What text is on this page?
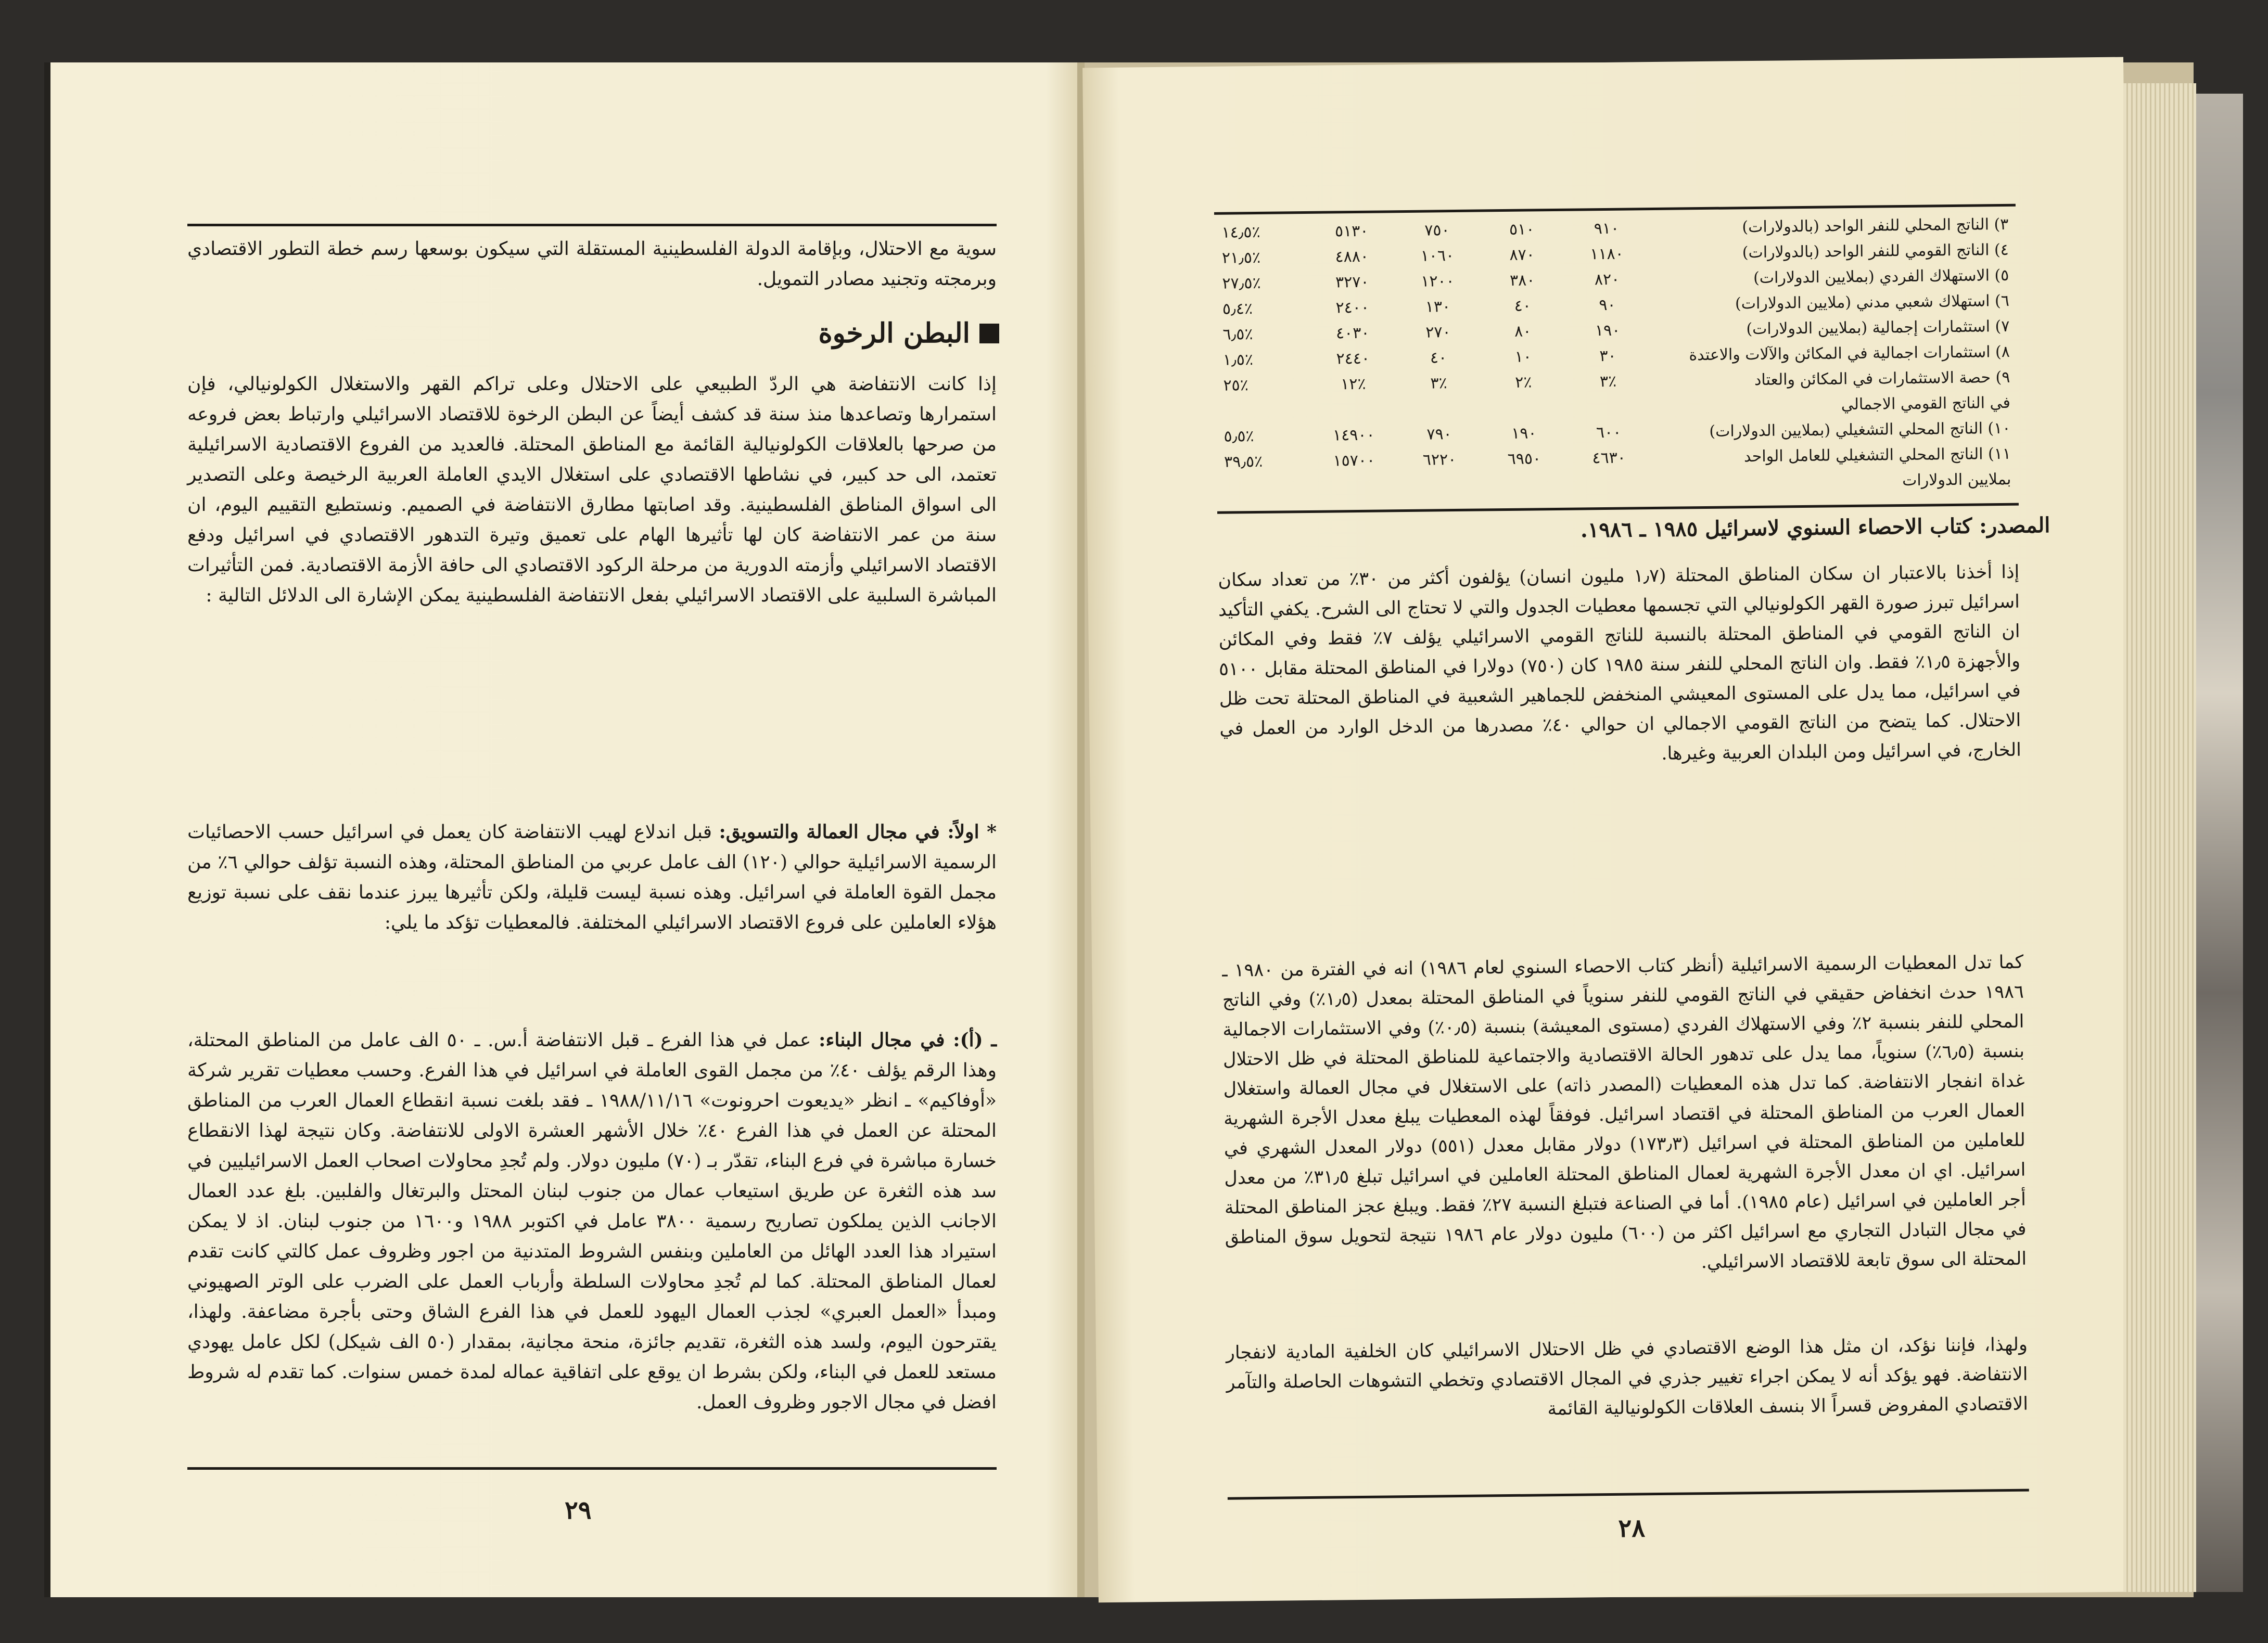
سوية مع الاحتلال، وبإقامة الدولة الفلسطينية المستقلة التي سيكون بوسعها رسم خطة التطور الاقتصادي وبرمجته وتجنيد مصادر التمويل.

البطن الرخوة

إذا كانت الانتفاضة هي الردّ الطبيعي على الاحتلال وعلى تراكم القهر والاستغلال الكولونيالي، فإن استمرارها وتصاعدها منذ سنة قد كشف أيضاً عن البطن الرخوة للاقتصاد الاسرائيلي وارتباط بعض فروعه من صرحها بالعلاقات الكولونيالية القائمة مع المناطق المحتلة. فالعديد من الفروع الاقتصادية الاسرائيلية تعتمد، الى حد كبير، في نشاطها الاقتصادي على استغلال الايدي العاملة العربية الرخيصة وعلى التصدير الى اسواق المناطق الفلسطينية. وقد اصابتها مطارق الانتفاضة في الصميم. ونستطيع التقييم اليوم، ان سنة من عمر الانتفاضة كان لها تأثيرها الهام على تعميق وتيرة التدهور الاقتصادي في اسرائيل ودفع الاقتصاد الاسرائيلي وأزمته الدورية من مرحلة الركود الاقتصادي الى حافة الأزمة الاقتصادية. فمن التأثيرات المباشرة السلبية على الاقتصاد الاسرائيلي بفعل الانتفاضة الفلسطينية يمكن الإشارة الى الدلائل التالية :

* اولاً: في مجال العمالة والتسويق: قبل اندلاع لهيب الانتفاضة كان يعمل في اسرائيل حسب الاحصائيات الرسمية الاسرائيلية حوالي (١٢٠) الف عامل عربي من المناطق المحتلة، وهذه النسبة تؤلف حوالي ٦٪ من مجمل القوة العاملة في اسرائيل. وهذه نسبة ليست قليلة، ولكن تأثيرها يبرز عندما نقف على نسبة توزيع هؤلاء العاملين على فروع الاقتصاد الاسرائيلي المختلفة. فالمعطيات تؤكد ما يلي:

ـ (أ): في مجال البناء: عمل في هذا الفرع ـ قبل الانتفاضة أ.س. ـ ٥٠ الف عامل من المناطق المحتلة، وهذا الرقم يؤلف ٤٠٪ من مجمل القوى العاملة في اسرائيل في هذا الفرع. وحسب معطيات تقرير شركة «أوفاكيم» ـ انظر «يديعوت احرونوت» ١٩٨٨/١١/١٦ ـ فقد بلغت نسبة انقطاع العمال العرب من المناطق المحتلة عن العمل في هذا الفرع ٤٠٪ خلال الأشهر العشرة الاولى للانتفاضة. وكان نتيجة لهذا الانقطاع خسارة مباشرة في فرع البناء، تقدّر بـ (٧٠) مليون دولار. ولم تُجدِ محاولات اصحاب العمل الاسرائيليين في سد هذه الثغرة عن طريق استيعاب عمال من جنوب لبنان المحتل والبرتغال والفلبين. بلغ عدد العمال الاجانب الذين يملكون تصاريح رسمية ٣٨٠٠ عامل في اكتوبر ١٩٨٨ و١٦٠٠ من جنوب لبنان. اذ لا يمكن استيراد هذا العدد الهائل من العاملين وبنفس الشروط المتدنية من اجور وظروف عمل كالتي كانت تقدم لعمال المناطق المحتلة. كما لم تُجدِ محاولات السلطة وأرباب العمل على الضرب على الوتر الصهيوني ومبدأ «العمل العبري» لجذب العمال اليهود للعمل في هذا الفرع الشاق وحتى بأجرة مضاعفة. ولهذا، يقترحون اليوم، ولسد هذه الثغرة، تقديم جائزة، منحة مجانية، بمقدار (٥٠ الف شيكل) لكل عامل يهودي مستعد للعمل في البناء، ولكن بشرط ان يوقع على اتفاقية عماله لمدة خمس سنوات. كما تقدم له شروط افضل في مجال الاجور وظروف العمل.

٢٩
٣) الناتج المحلي للنفر الواحد (بالدولارات)	٩١٠	٥١٠	٧٥٠	٥١٣٠	٪١٤٫٥
٤) الناتج القومي للنفر الواحد (بالدولارات)	١١٨٠	٨٧٠	١٠٦٠	٤٨٨٠	٪٢١٫٥
٥) الاستهلاك الفردي (بملايين الدولارات)	٨٢٠	٣٨٠	١٢٠٠	٣٢٧٠	٪٢٧٫٥
٦) استهلاك شعبي مدني (ملايين الدولارات)	٩٠	٤٠	١٣٠	٢٤٠٠	٪٥٫٤
٧) استثمارات إجمالية (بملايين الدولارات)	١٩٠	٨٠	٢٧٠	٤٠٣٠	٪٦٫٥
٨) استثمارات اجمالية في المكائن والآلات والاعتدة	٣٠	١٠	٤٠	٢٤٤٠	٪١٫٥
٩) حصة الاستثمارات في المكائن والعتاد	٪٣	٪٢	٪٣	٪١٢	٪٢٥
في الناتج القومي الاجمالي					
١٠) الناتج المحلي التشغيلي (بملايين الدولارات)	٦٠٠	١٩٠	٧٩٠	١٤٩٠٠	٪٥٫٥
١١) الناتج المحلي التشغيلي للعامل الواحد	٤٦٣٠	٦٩٥٠	٦٢٢٠	١٥٧٠٠	٪٣٩٫٥
بملايين الدولارات					
المصدر: كتاب الاحصاء السنوي لاسرائيل ١٩٨٥ ـ ١٩٨٦.

إذا أخذنا بالاعتبار ان سكان المناطق المحتلة (١٫٧ مليون انسان) يؤلفون أكثر من ٣٠٪ من تعداد سكان اسرائيل تبرز صورة القهر الكولونيالي التي تجسمها معطيات الجدول والتي لا تحتاج الى الشرح. يكفي التأكيد ان الناتج القومي في المناطق المحتلة بالنسبة للناتج القومي الاسرائيلي يؤلف ٧٪ فقط وفي المكائن والأجهزة ١٫٥٪ فقط. وان الناتج المحلي للنفر سنة ١٩٨٥ كان (٧٥٠) دولارا في المناطق المحتلة مقابل ٥١٠٠ في اسرائيل، مما يدل على المستوى المعيشي المنخفض للجماهير الشعبية في المناطق المحتلة تحت ظل الاحتلال. كما يتضح من الناتج القومي الاجمالي ان حوالي ٤٠٪ مصدرها من الدخل الوارد من العمل في الخارج، في اسرائيل ومن البلدان العربية وغيرها.

كما تدل المعطيات الرسمية الاسرائيلية (أنظر كتاب الاحصاء السنوي لعام ١٩٨٦) انه في الفترة من ١٩٨٠ ـ ١٩٨٦ حدث انخفاض حقيقي في الناتج القومي للنفر سنوياً في المناطق المحتلة بمعدل (١٫٥٪) وفي الناتج المحلي للنفر بنسبة ٢٪ وفي الاستهلاك الفردي (مستوى المعيشة) بنسبة (٠٫٥٪) وفي الاستثمارات الاجمالية بنسبة (٦٫٥٪) سنوياً، مما يدل على تدهور الحالة الاقتصادية والاجتماعية للمناطق المحتلة في ظل الاحتلال غداة انفجار الانتفاضة. كما تدل هذه المعطيات (المصدر ذاته) على الاستغلال في مجال العمالة واستغلال العمال العرب من المناطق المحتلة في اقتصاد اسرائيل. فوفقاً لهذه المعطيات يبلغ معدل الأجرة الشهرية للعاملين من المناطق المحتلة في اسرائيل (١٧٣٫٣) دولار مقابل معدل (٥٥١) دولار المعدل الشهري في اسرائيل. اي ان معدل الأجرة الشهرية لعمال المناطق المحتلة العاملين في اسرائيل تبلغ ٣١٫٥٪ من معدل أجر العاملين في اسرائيل (عام ١٩٨٥). أما في الصناعة فتبلغ النسبة ٢٧٪ فقط. ويبلغ عجز المناطق المحتلة في مجال التبادل التجاري مع اسرائيل اكثر من (٦٠٠) مليون دولار عام ١٩٨٦ نتيجة لتحويل سوق المناطق المحتلة الى سوق تابعة للاقتصاد الاسرائيلي.

ولهذا، فإننا نؤكد، ان مثل هذا الوضع الاقتصادي في ظل الاحتلال الاسرائيلي كان الخلفية المادية لانفجار الانتفاضة. فهو يؤكد أنه لا يمكن اجراء تغيير جذري في المجال الاقتصادي وتخطي التشوهات الحاصلة والتآمر الاقتصادي المفروض قسراً الا بنسف العلاقات الكولونيالية القائمة

٢٨
